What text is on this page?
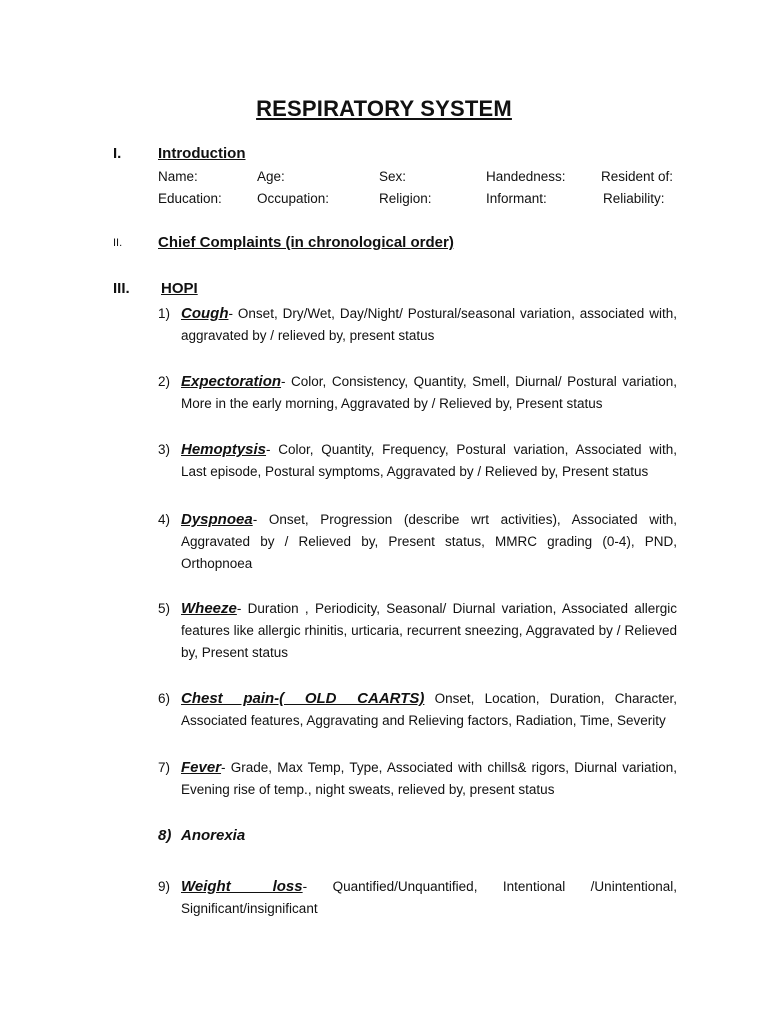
RESPIRATORY SYSTEM
I. Introduction
Name:	Age:	Sex:	Handedness:	Resident of:
Education:	Occupation:	Religion:	Informant:	Reliability:
II. Chief Complaints (in chronological order)
III. HOPI
1) Cough- Onset, Dry/Wet, Day/Night/ Postural/seasonal variation, associated with, aggravated by / relieved by, present status
2) Expectoration- Color, Consistency, Quantity, Smell, Diurnal/ Postural variation, More in the early morning, Aggravated by / Relieved by, Present status
3) Hemoptysis- Color, Quantity, Frequency, Postural variation, Associated with, Last episode, Postural symptoms, Aggravated by / Relieved by, Present status
4) Dyspnoea- Onset, Progression (describe wrt activities), Associated with, Aggravated by / Relieved by, Present status, MMRC grading (0-4), PND, Orthopnoea
5) Wheeze- Duration , Periodicity, Seasonal/ Diurnal variation, Associated allergic features like allergic rhinitis, urticaria, recurrent sneezing, Aggravated by / Relieved by, Present status
6) Chest pain-( OLD CAARTS) Onset, Location, Duration, Character, Associated features, Aggravating and Relieving factors, Radiation, Time, Severity
7) Fever- Grade, Max Temp, Type, Associated with chills& rigors, Diurnal variation, Evening rise of temp., night sweats, relieved by, present status
8) Anorexia
9) Weight loss- Quantified/Unquantified, Intentional /Unintentional, Significant/insignificant
